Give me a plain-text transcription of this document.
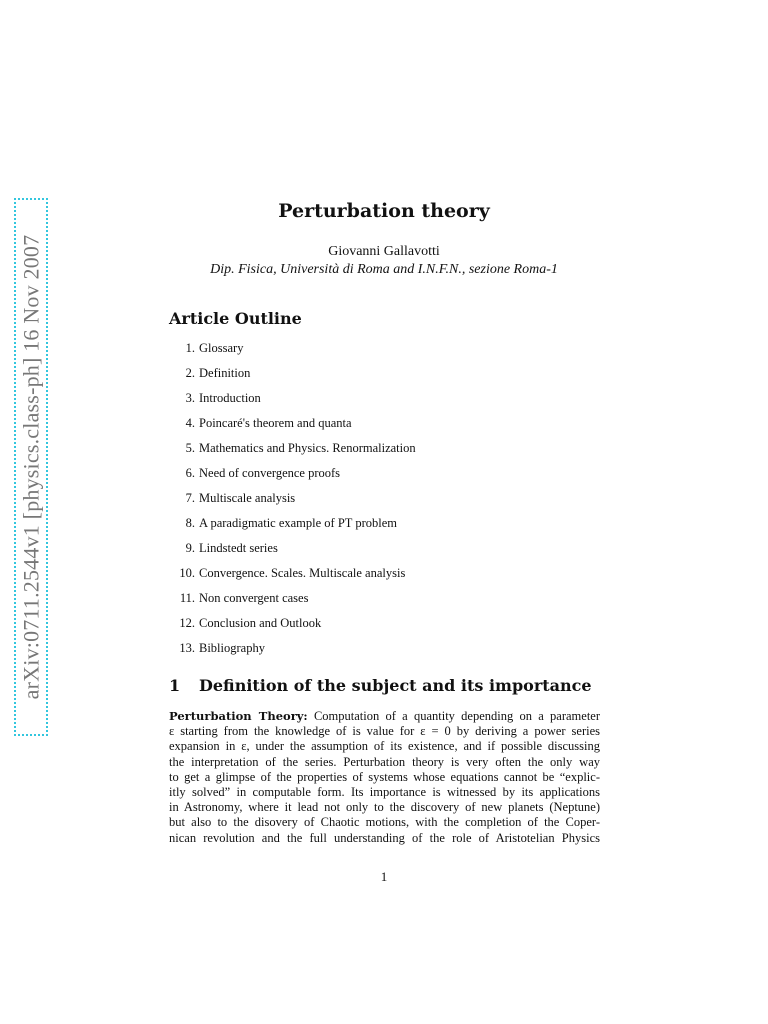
arXiv:0711.2544v1 [physics.class-ph] 16 Nov 2007
Perturbation theory
Giovanni Gallavotti
Dip. Fisica, Università di Roma and I.N.F.N., sezione Roma-1
Article Outline
1. Glossary
2. Definition
3. Introduction
4. Poincaré's theorem and quanta
5. Mathematics and Physics. Renormalization
6. Need of convergence proofs
7. Multiscale analysis
8. A paradigmatic example of PT problem
9. Lindstedt series
10. Convergence. Scales. Multiscale analysis
11. Non convergent cases
12. Conclusion and Outlook
13. Bibliography
1 Definition of the subject and its importance
Perturbation Theory: Computation of a quantity depending on a parameter
ε starting from the knowledge of is value for ε = 0 by deriving a power series
expansion in ε, under the assumption of its existence, and if possible discussing
the interpretation of the series. Perturbation theory is very often the only way
to get a glimpse of the properties of systems whose equations cannot be “explic-
itly solved” in computable form. Its importance is witnessed by its applications
in Astronomy, where it lead not only to the discovery of new planets (Neptune)
but also to the disovery of Chaotic motions, with the completion of the Coper-
nican revolution and the full understanding of the role of Aristotelian Physics
1
